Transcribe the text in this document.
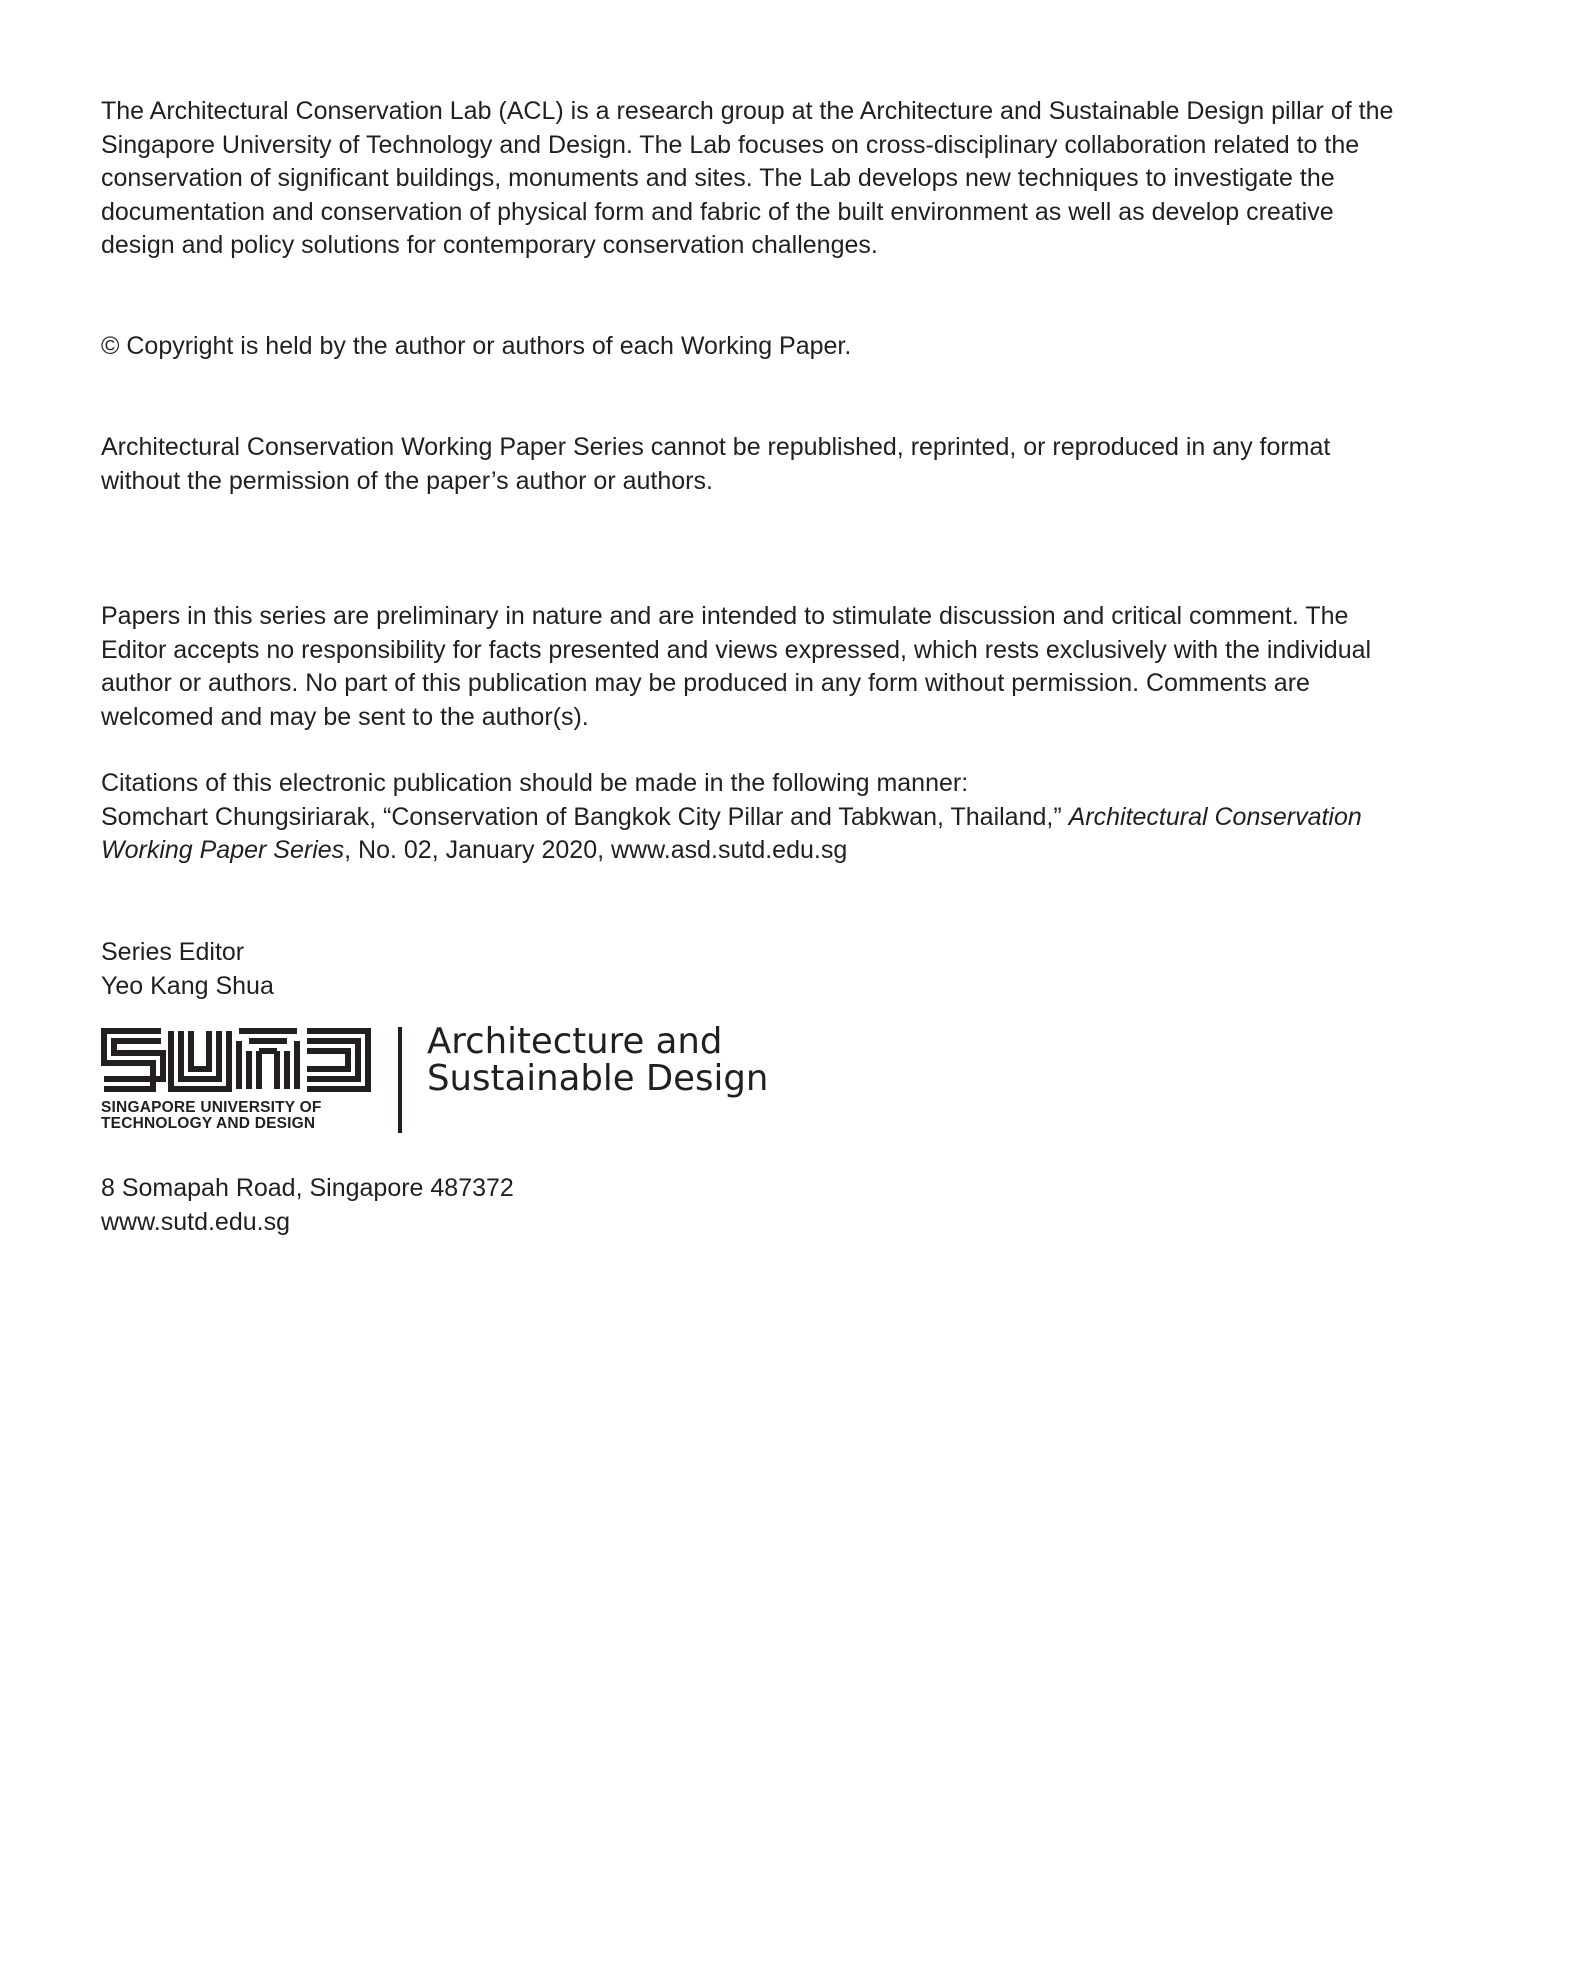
The Architectural Conservation Lab (ACL) is a research group at the Architecture and Sustainable Design pillar of the
Singapore University of Technology and Design. The Lab focuses on cross-disciplinary collaboration related to the
conservation of significant buildings, monuments and sites. The Lab develops new techniques to investigate the
documentation and conservation of physical form and fabric of the built environment as well as develop creative
design and policy solutions for contemporary conservation challenges.
© Copyright is held by the author or authors of each Working Paper.
Architectural Conservation Working Paper Series cannot be republished, reprinted, or reproduced in any format
without the permission of the paper’s author or authors.
Papers in this series are preliminary in nature and are intended to stimulate discussion and critical comment. The
Editor accepts no responsibility for facts presented and views expressed, which rests exclusively with the individual
author or authors. No part of this publication may be produced in any form without permission. Comments are
welcomed and may be sent to the author(s).
Citations of this electronic publication should be made in the following manner:
Somchart Chungsiriarak, “Conservation of Bangkok City Pillar and Tabkwan, Thailand,” Architectural Conservation
Working Paper Series, No. 02, January 2020, www.asd.sutd.edu.sg
Series Editor
Yeo Kang Shua
SINGAPORE UNIVERSITY OF
TECHNOLOGY AND DESIGN
Architecture and
Sustainable Design
8 Somapah Road, Singapore 487372
www.sutd.edu.sg
